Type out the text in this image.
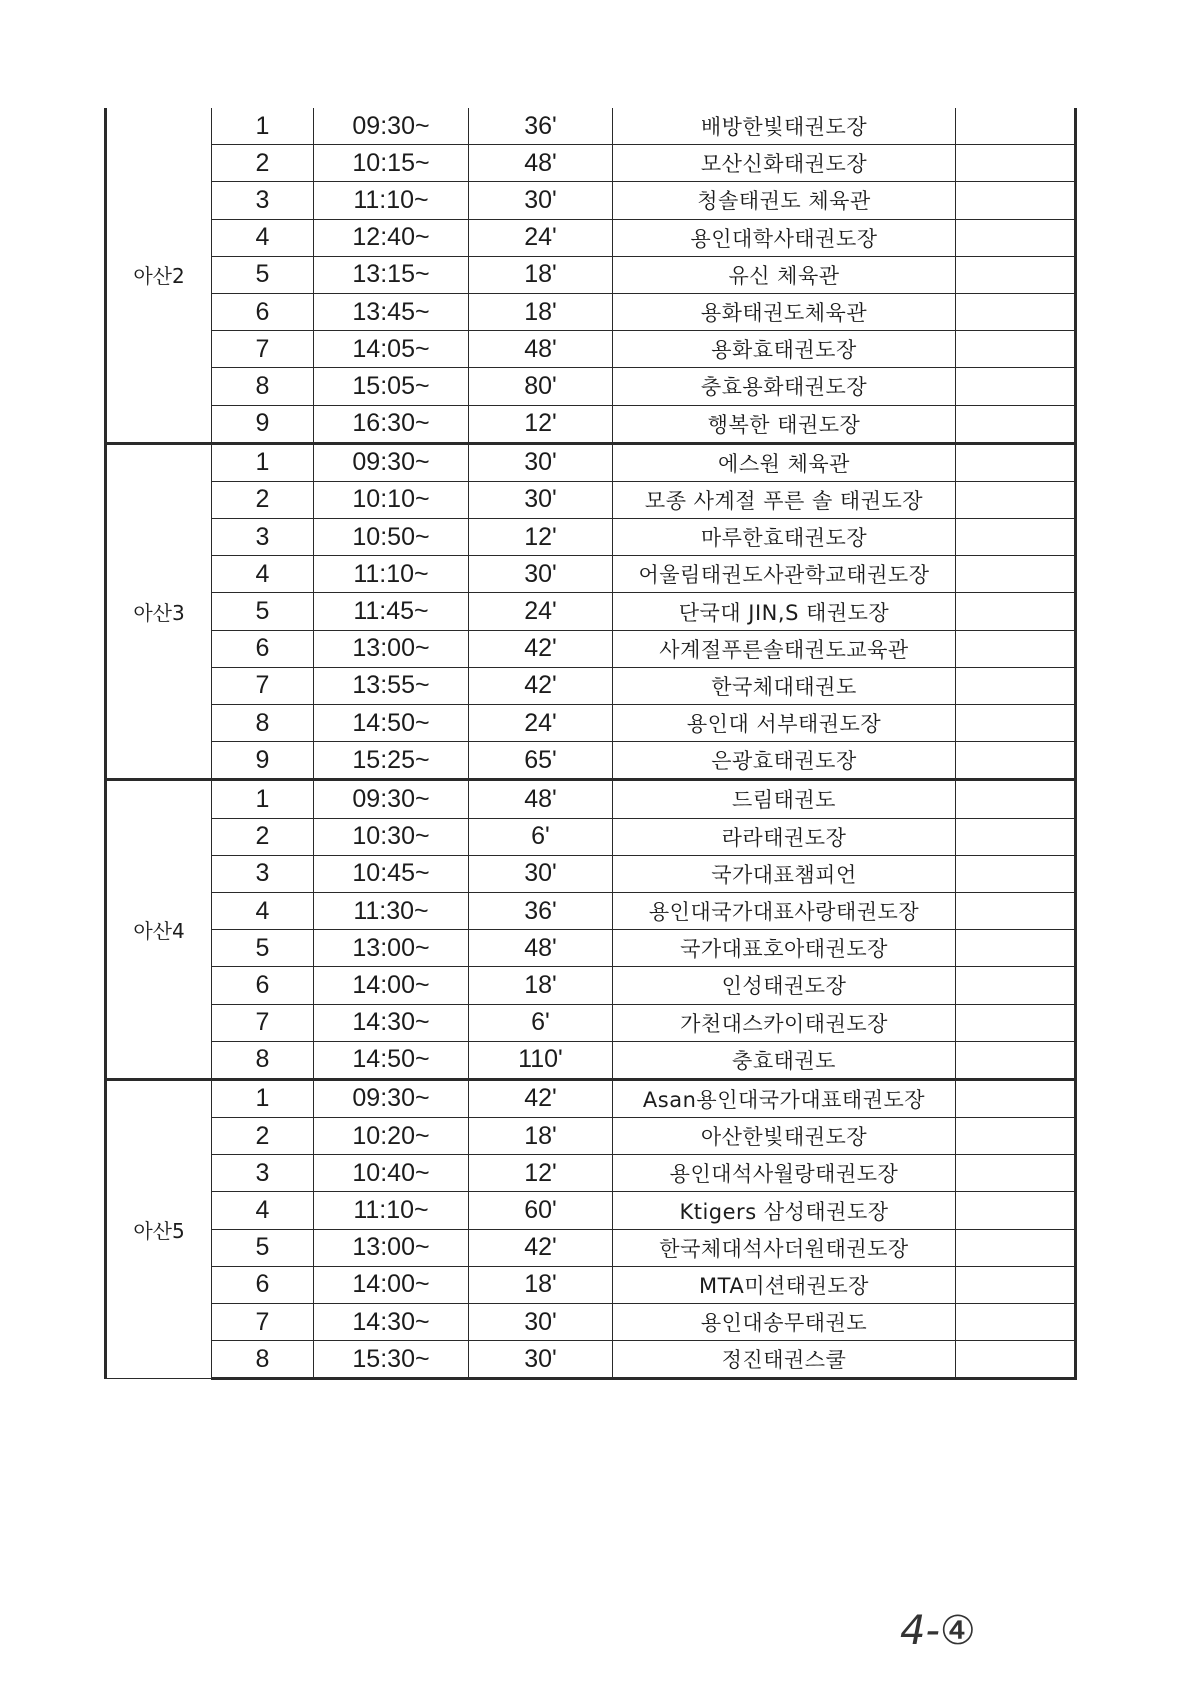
아산2	1	09:30~	36'	배방한빛태권도장	
	2	10:15~	48'	모산신화태권도장	
	3	11:10~	30'	청솔태권도 체육관	
	4	12:40~	24'	용인대학사태권도장	
	5	13:15~	18'	유신 체육관	
	6	13:45~	18'	용화태권도체육관	
	7	14:05~	48'	용화효태권도장	
	8	15:05~	80'	충효용화태권도장	
	9	16:30~	12'	행복한 태권도장	
아산3	1	09:30~	30'	에스원 체육관	
	2	10:10~	30'	모종 사계절 푸른 솔 태권도장	
	3	10:50~	12'	마루한효태권도장	
	4	11:10~	30'	어울림태권도사관학교태권도장	
	5	11:45~	24'	단국대 JIN,S 태권도장	
	6	13:00~	42'	사계절푸른솔태권도교육관	
	7	13:55~	42'	한국체대태권도	
	8	14:50~	24'	용인대 서부태권도장	
	9	15:25~	65'	은광효태권도장	
아산4	1	09:30~	48'	드림태권도	
	2	10:30~	6'	라라태권도장	
	3	10:45~	30'	국가대표챔피언	
	4	11:30~	36'	용인대국가대표사랑태권도장	
	5	13:00~	48'	국가대표호아태권도장	
	6	14:00~	18'	인성태권도장	
	7	14:30~	6'	가천대스카이태권도장	
	8	14:50~	110'	충효태권도	
아산5	1	09:30~	42'	Asan용인대국가대표태권도장	
	2	10:20~	18'	아산한빛태권도장	
	3	10:40~	12'	용인대석사월랑태권도장	
	4	11:10~	60'	Ktigers 삼성태권도장	
	5	13:00~	42'	한국체대석사더원태권도장	
	6	14:00~	18'	MTA미션태권도장	
	7	14:30~	30'	용인대송무태권도	
	8	15:30~	30'	정진태권스쿨	
4-④
